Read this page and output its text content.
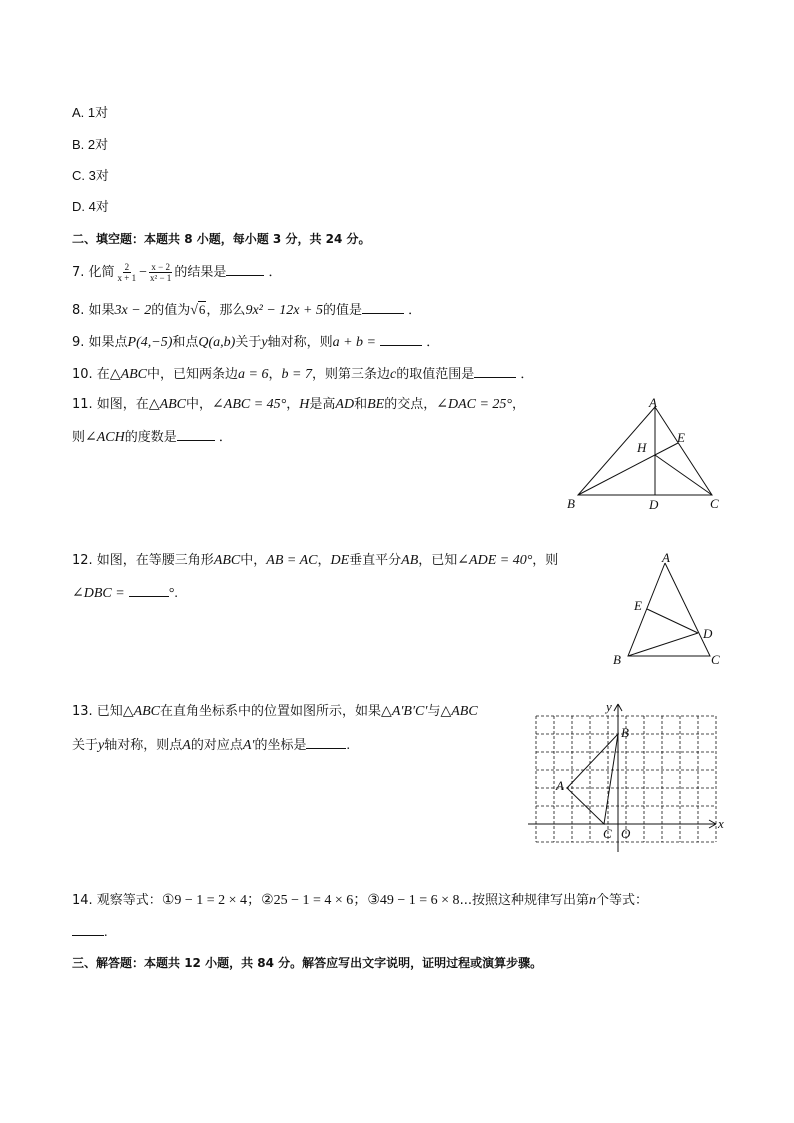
A. 1对
B. 2对
C. 3对
D. 4对
二、填空题：本题共 8 小题，每小题 3 分，共 24 分。
7. 化简 $\frac{2}{x + 1} - \frac{x - 2}{\text{x² − 1}}$ 的结果是	．
8. 如果3x − 2的值为√6，那么9x² − 12x + 5的值是	．
9. 如果点P(4,−5)和点Q(a,b)关于y轴对称，则a + b =	．
10. 在△ABC中，已知两条边a = 6，b = 7，则第三条边c的取值范围是	．
11. 如图，在△ABC中，∠ABC = 45°，H是高AD和BE的交点，∠DAC = 25°，
则∠ACH的度数是	．
A
B	C
D
E
H
12. 如图，在等腰三角形ABC中，AB = AC，DE垂直平分AB，已知∠ADE = 40°，则
∠DBC =	°.
A
B	C
D
E
13. 已知△ABC在直角坐标系中的位置如图所示，如果△A′B′C′与△ABC
关于y轴对称，则点A的对应点A′的坐标是	.
x
y
O
A
B
C
14. 观察等式：①9 − 1 = 2 × 4；②25 − 1 = 4 × 6；③49 − 1 = 6 × 8...按照这种规律写出第n个等式：
.
三、解答题：本题共 12 小题，共 84 分。解答应写出文字说明，证明过程或演算步骤。
